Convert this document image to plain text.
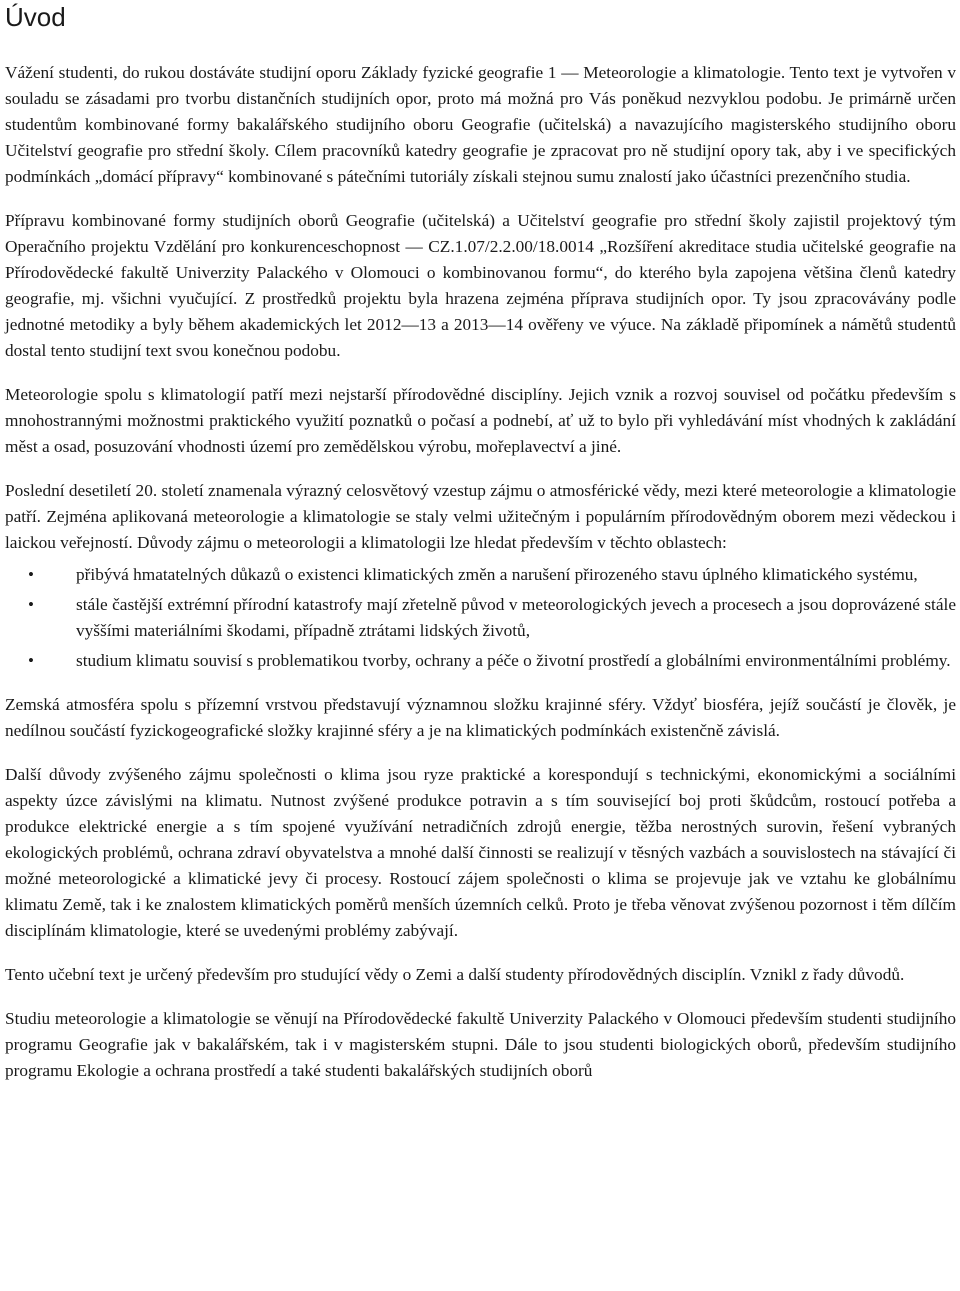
Úvod

Vážení studenti, do rukou dostáváte studijní oporu Základy fyzické geografie 1 — Meteorologie a klimatologie. Tento text je vytvořen v souladu se zásadami pro tvorbu distančních studijních opor, proto má možná pro Vás poněkud nezvyklou podobu. Je primárně určen studentům kombinované formy bakalářského studijního oboru Geografie (učitelská) a navazujícího magisterského studijního oboru Učitelství geografie pro střední školy. Cílem pracovníků katedry geografie je zpracovat pro ně studijní opory tak, aby i ve specifických podmínkách „domácí přípravy“ kombinované s pátečními tutoriály získali stejnou sumu znalostí jako účastníci prezenčního studia.

Přípravu kombinované formy studijních oborů Geografie (učitelská) a Učitelství geografie pro střední školy zajistil projektový tým Operačního projektu Vzdělání pro konkurenceschopnost — CZ.1.07/2.2.00/18.0014 „Rozšíření akreditace studia učitelské geografie na Přírodovědecké fakultě Univerzity Palackého v Olomouci o kombinovanou formu“, do kterého byla zapojena většina členů katedry geografie, mj. všichni vyučující. Z prostředků projektu byla hrazena zejména příprava studijních opor. Ty jsou zpracovávány podle jednotné metodiky a byly během akademických let 2012—13 a 2013—14 ověřeny ve výuce. Na základě připomínek a námětů studentů dostal tento studijní text svou konečnou podobu.

Meteorologie spolu s klimatologií patří mezi nejstarší přírodovědné disciplíny. Jejich vznik a rozvoj souvisel od počátku především s mnohostrannými možnostmi praktického využití poznatků o počasí a podnebí, ať už to bylo při vyhledávání míst vhodných k zakládání měst a osad, posuzování vhodnosti území pro zemědělskou výrobu, mořeplavectví a jiné.

Poslední desetiletí 20. století znamenala výrazný celosvětový vzestup zájmu o atmosférické vědy, mezi které meteorologie a klimatologie patří. Zejména aplikovaná meteorologie a klimatologie se staly velmi užitečným i populárním přírodovědným oborem mezi vědeckou i laickou veřejností. Důvody zájmu o meteorologii a klimatologii lze hledat především v těchto oblastech:

• přibývá hmatatelných důkazů o existenci klimatických změn a narušení přirozeného stavu úplného klimatického systému,
• stále častější extrémní přírodní katastrofy mají zřetelně původ v meteorologických jevech a procesech a jsou doprovázené stále vyššími materiálními škodami, případně ztrátami lidských životů,
• studium klimatu souvisí s problematikou tvorby, ochrany a péče o životní prostředí a globálními environmentálními problémy.

Zemská atmosféra spolu s přízemní vrstvou představují významnou složku krajinné sféry. Vždyť biosféra, jejíž součástí je člověk, je nedílnou součástí fyzickogeografické složky krajinné sféry a je na klimatických podmínkách existenčně závislá.

Další důvody zvýšeného zájmu společnosti o klima jsou ryze praktické a korespondují s technickými, ekonomickými a sociálními aspekty úzce závislými na klimatu. Nutnost zvýšené produkce potravin a s tím související boj proti škůdcům, rostoucí potřeba a produkce elektrické energie a s tím spojené využívání netradičních zdrojů energie, těžba nerostných surovin, řešení vybraných ekologických problémů, ochrana zdraví obyvatelstva a mnohé další činnosti se realizují v těsných vazbách a souvislostech na stávající či možné meteorologické a klimatické jevy či procesy. Rostoucí zájem společnosti o klima se projevuje jak ve vztahu ke globálnímu klimatu Země, tak i ke znalostem klimatických poměrů menších územních celků. Proto je třeba věnovat zvýšenou pozornost i těm dílčím disciplínám klimatologie, které se uvedenými problémy zabývají.

Tento učební text je určený především pro studující vědy o Zemi a další studenty přírodovědných disciplín. Vznikl z řady důvodů.

Studiu meteorologie a klimatologie se věnují na Přírodovědecké fakultě Univerzity Palackého v Olomouci především studenti studijního programu Geografie jak v bakalářském, tak i v magisterském stupni. Dále to jsou studenti biologických oborů, především studijního programu Ekologie a ochrana prostředí a také studenti bakalářských studijních oborů
